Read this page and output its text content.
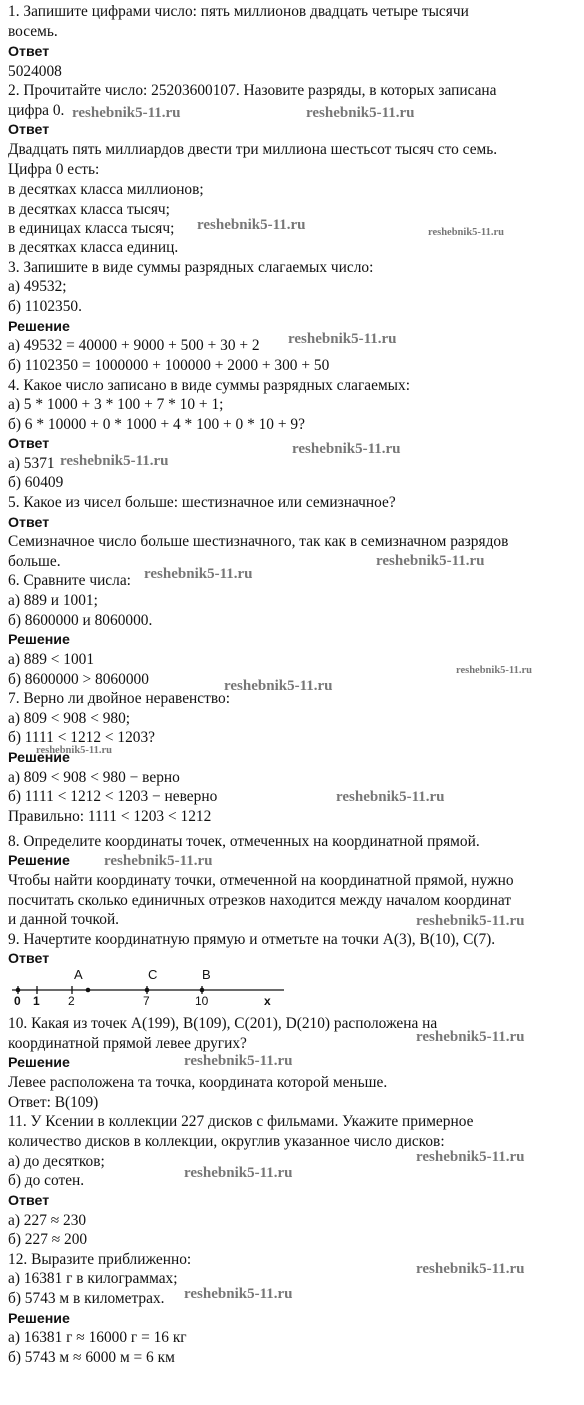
1. Запишите цифрами число: пять миллионов двадцать четыре тысячи
восемь.
Ответ
5024008
2. Прочитайте число: 25203600107. Назовите разряды, в которых записана
цифра 0.
Ответ
Двадцать пять миллиардов двести три миллиона шестьсот тысяч сто семь.
Цифра 0 есть:
в десятках класса миллионов;
в десятках класса тысяч;
в единицах класса тысяч;
в десятках класса единиц.
3. Запишите в виде суммы разрядных слагаемых число:
а) 49532;
б) 1102350.
Решение
а) 49532 = 40000 + 9000 + 500 + 30 + 2
б) 1102350 = 1000000 + 100000 + 2000 + 300 + 50
4. Какое число записано в виде суммы разрядных слагаемых:
а) 5 * 1000 + 3 * 100 + 7 * 10 + 1;
б) 6 * 10000 + 0 * 1000 + 4 * 100 + 0 * 10 + 9?
Ответ
а) 5371
б) 60409
5. Какое из чисел больше: шестизначное или семизначное?
Ответ
Семизначное число больше шестизначного, так как в семизначном разрядов
больше.
6. Сравните числа:
а) 889 и 1001;
б) 8600000 и 8060000.
Решение
а) 889 < 1001
б) 8600000 > 8060000
7. Верно ли двойное неравенство:
а) 809 < 908 < 980;
б) 1111 < 1212 < 1203?
Решение
а) 809 < 908 < 980 − верно
б) 1111 < 1212 < 1203 − неверно
Правильно: 1111 < 1203 < 1212
8. Определите координаты точек, отмеченных на координатной прямой.
Решение
Чтобы найти координату точки, отмеченной на координатной прямой, нужно
посчитать сколько единичных отрезков находится между началом координат
и данной точкой.
9. Начертите координатную прямую и отметьте на точки А(3), В(10), С(7).
Ответ
10. Какая из точек A(199), B(109), C(201), D(210) расположена на
координатной прямой левее других?
Решение
Левее расположена та точка, координата которой меньше.
Ответ: B(109)
11. У Ксении в коллекции 227 дисков с фильмами. Укажите примерное
количество дисков в коллекции, округлив указанное число дисков:
а) до десятков;
б) до сотен.
Ответ
а) 227 ≈ 230
б) 227 ≈ 200
12. Выразите приближенно:
а) 16381 г в килограммах;
б) 5743 м в километрах.
Решение
а) 16381 г ≈ 16000 г = 16 кг
б) 5743 м ≈ 6000 м = 6 км
A	C	B
0 1 2	7	10	x
reshebnik5-11.ru	reshebnik5-11.ru
reshebnik5-11.ru	reshebnik5-11.ru
reshebnik5-11.ru
reshebnik5-11.ru
reshebnik5-11.ru
reshebnik5-11.ru
reshebnik5-11.ru
reshebnik5-11.ru
reshebnik5-11.ru
reshebnik5-11.ru
reshebnik5-11.ru
reshebnik5-11.ru
reshebnik5-11.ru
reshebnik5-11.ru
reshebnik5-11.ru
reshebnik5-11.ru
reshebnik5-11.ru
reshebnik5-11.ru
reshebnik5-11.ru
